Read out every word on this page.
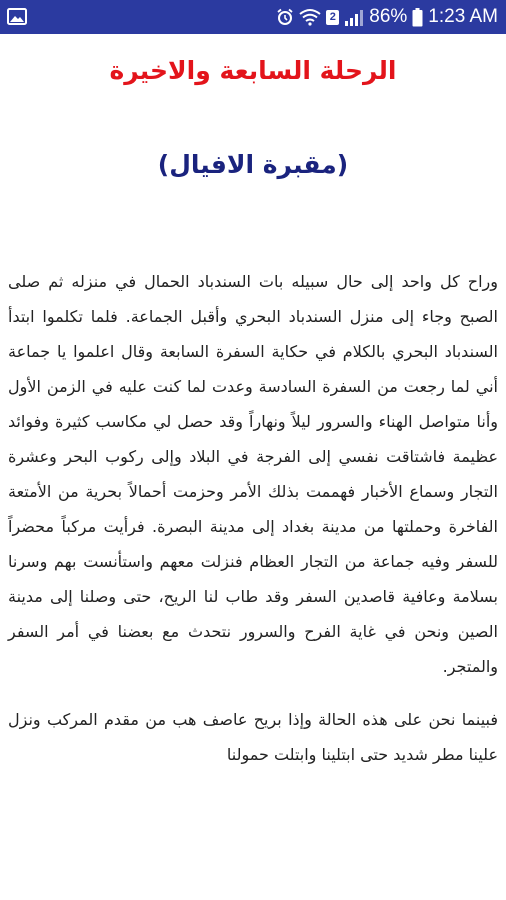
2 86% 1:23 AM
الرحلة السابعة والاخيرة
(مقبرة الافيال)

وراح كل واحد إلى حال سبيله بات السندباد الحمال في منزله ثم صلى الصبح وجاء إلى منزل السندباد البحري وأقبل الجماعة. فلما تكلموا ابتدأ السندباد البحري بالكلام في حكاية السفرة السابعة وقال اعلموا يا جماعة أني لما رجعت من السفرة السادسة وعدت لما كنت عليه في الزمن الأول وأنا متواصل الهناء والسرور ليلاً ونهاراً وقد حصل لي مكاسب كثيرة وفوائد عظيمة فاشتاقت نفسي إلى الفرجة في البلاد وإلى ركوب البحر وعشرة التجار وسماع الأخبار فهممت بذلك الأمر وحزمت أحمالاً بحرية من الأمتعة الفاخرة وحملتها من مدينة بغداد إلى مدينة البصرة. فرأيت مركباً محضراً للسفر وفيه جماعة من التجار العظام فنزلت معهم واستأنست بهم وسرنا بسلامة وعافية قاصدين السفر وقد طاب لنا الريح، حتى وصلنا إلى مدينة الصين ونحن في غاية الفرح والسرور نتحدث مع بعضنا في أمر السفر والمتجر.

فبينما نحن على هذه الحالة وإذا بريح عاصف هب من مقدم المركب ونزل علينا مطر شديد حتى ابتلينا وابتلت حمولنا
